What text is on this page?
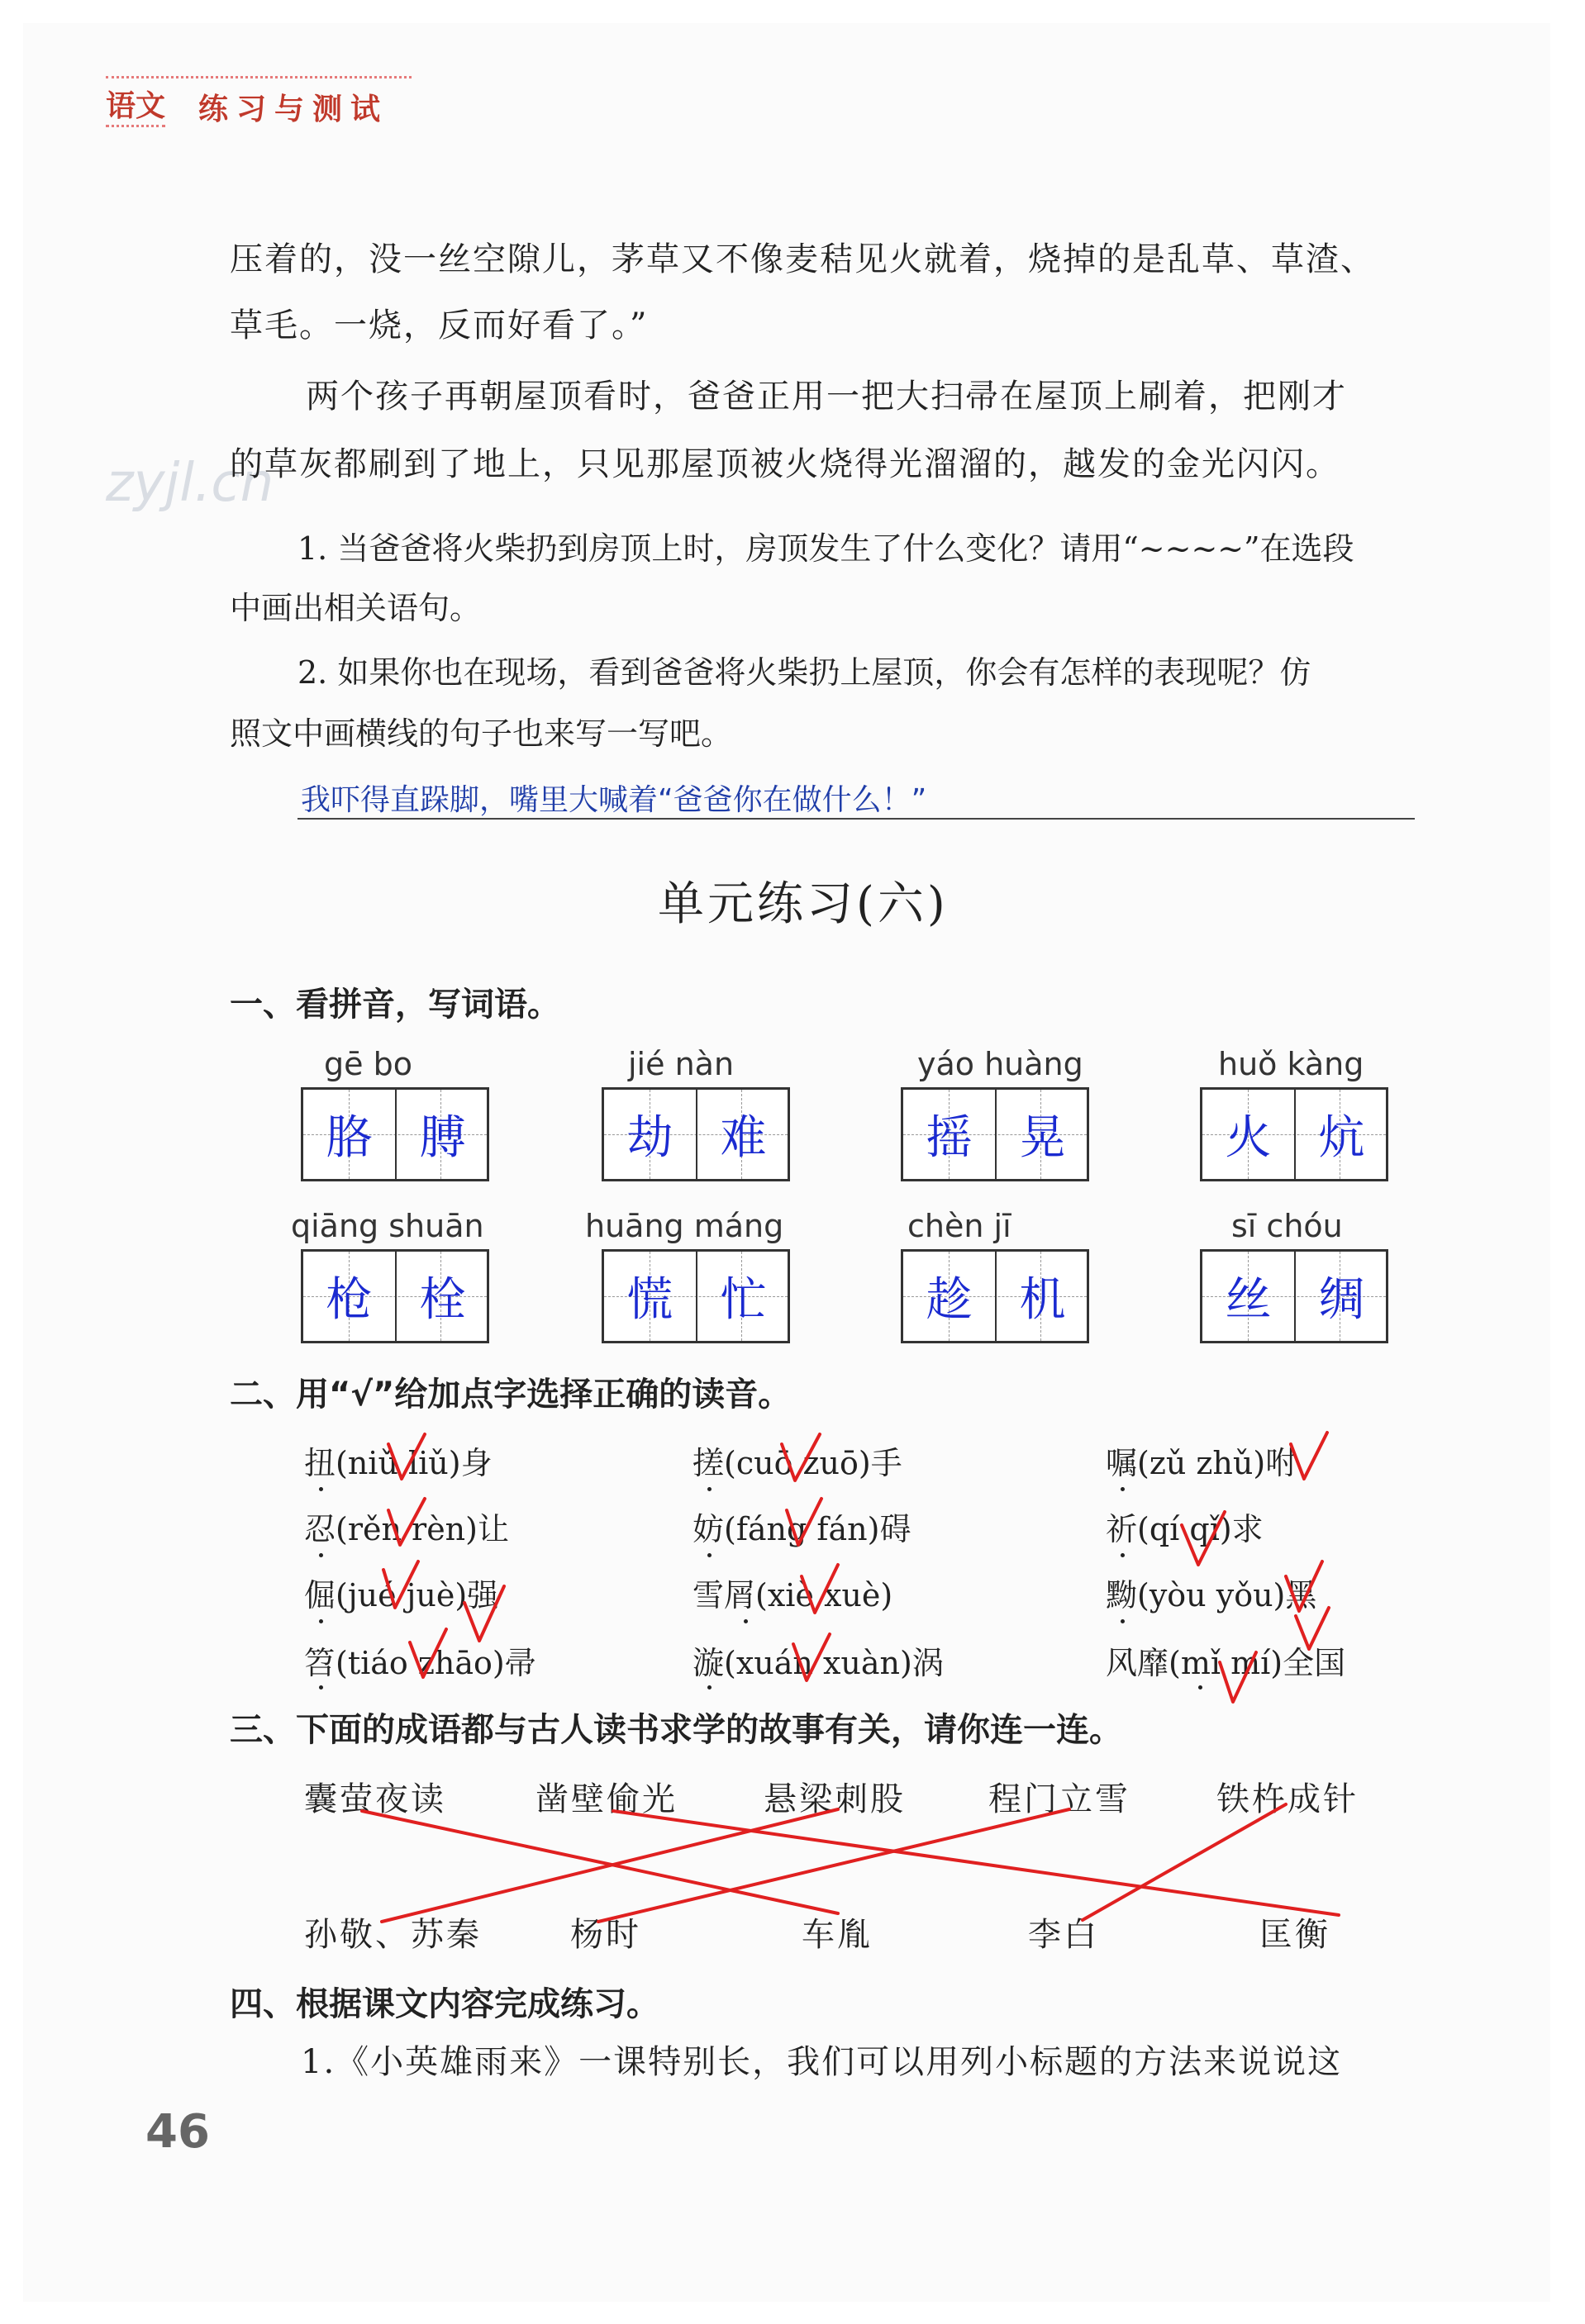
zyjl.cn
语文 练习与测试
压着的，没一丝空隙儿，茅草又不像麦秸见火就着，烧掉的是乱草、草渣、
草毛。一烧，反而好看了。”
两个孩子再朝屋顶看时，爸爸正用一把大扫帚在屋顶上刷着，把刚才
的草灰都刷到了地上，只见那屋顶被火烧得光溜溜的，越发的金光闪闪。
1. 当爸爸将火柴扔到房顶上时，房顶发生了什么变化？请用“~~~~”在选段
中画出相关语句。
2. 如果你也在现场，看到爸爸将火柴扔上屋顶，你会有怎样的表现呢？仿
照文中画横线的句子也来写一写吧。
我吓得直跺脚，嘴里大喊着“爸爸你在做什么！”
单元练习(六)
一、看拼音，写词语。
gē bo
胳	膊
jié nàn
劫	难
yáo huàng
摇	晃
huǒ kàng
火	炕
qiāng shuān
枪	栓
huāng máng
慌	忙
chèn jī
趁	机
sī chóu
丝	绸
二、用“√”给加点字选择正确的读音。
扭(niǔ liǔ)身	搓(cuō zuō)手	嘱(zǔ zhǔ)咐
忍(rěn rèn)让	妨(fáng fán)碍	祈(qí qǐ)求
倔(jué juè)强	雪屑(xiè xuè)	黝(yòu yǒu)黑
笤(tiáo zhāo)帚	漩(xuán xuàn)涡	风靡(mǐ mí)全国
三、下面的成语都与古人读书求学的故事有关，请你连一连。
囊萤夜读	凿壁偷光	悬梁刺股	程门立雪	铁杵成针
孙敬、苏秦	杨时	车胤	李白	匡衡
四、根据课文内容完成练习。
1.《小英雄雨来》一课特别长，我们可以用列小标题的方法来说说这
46
